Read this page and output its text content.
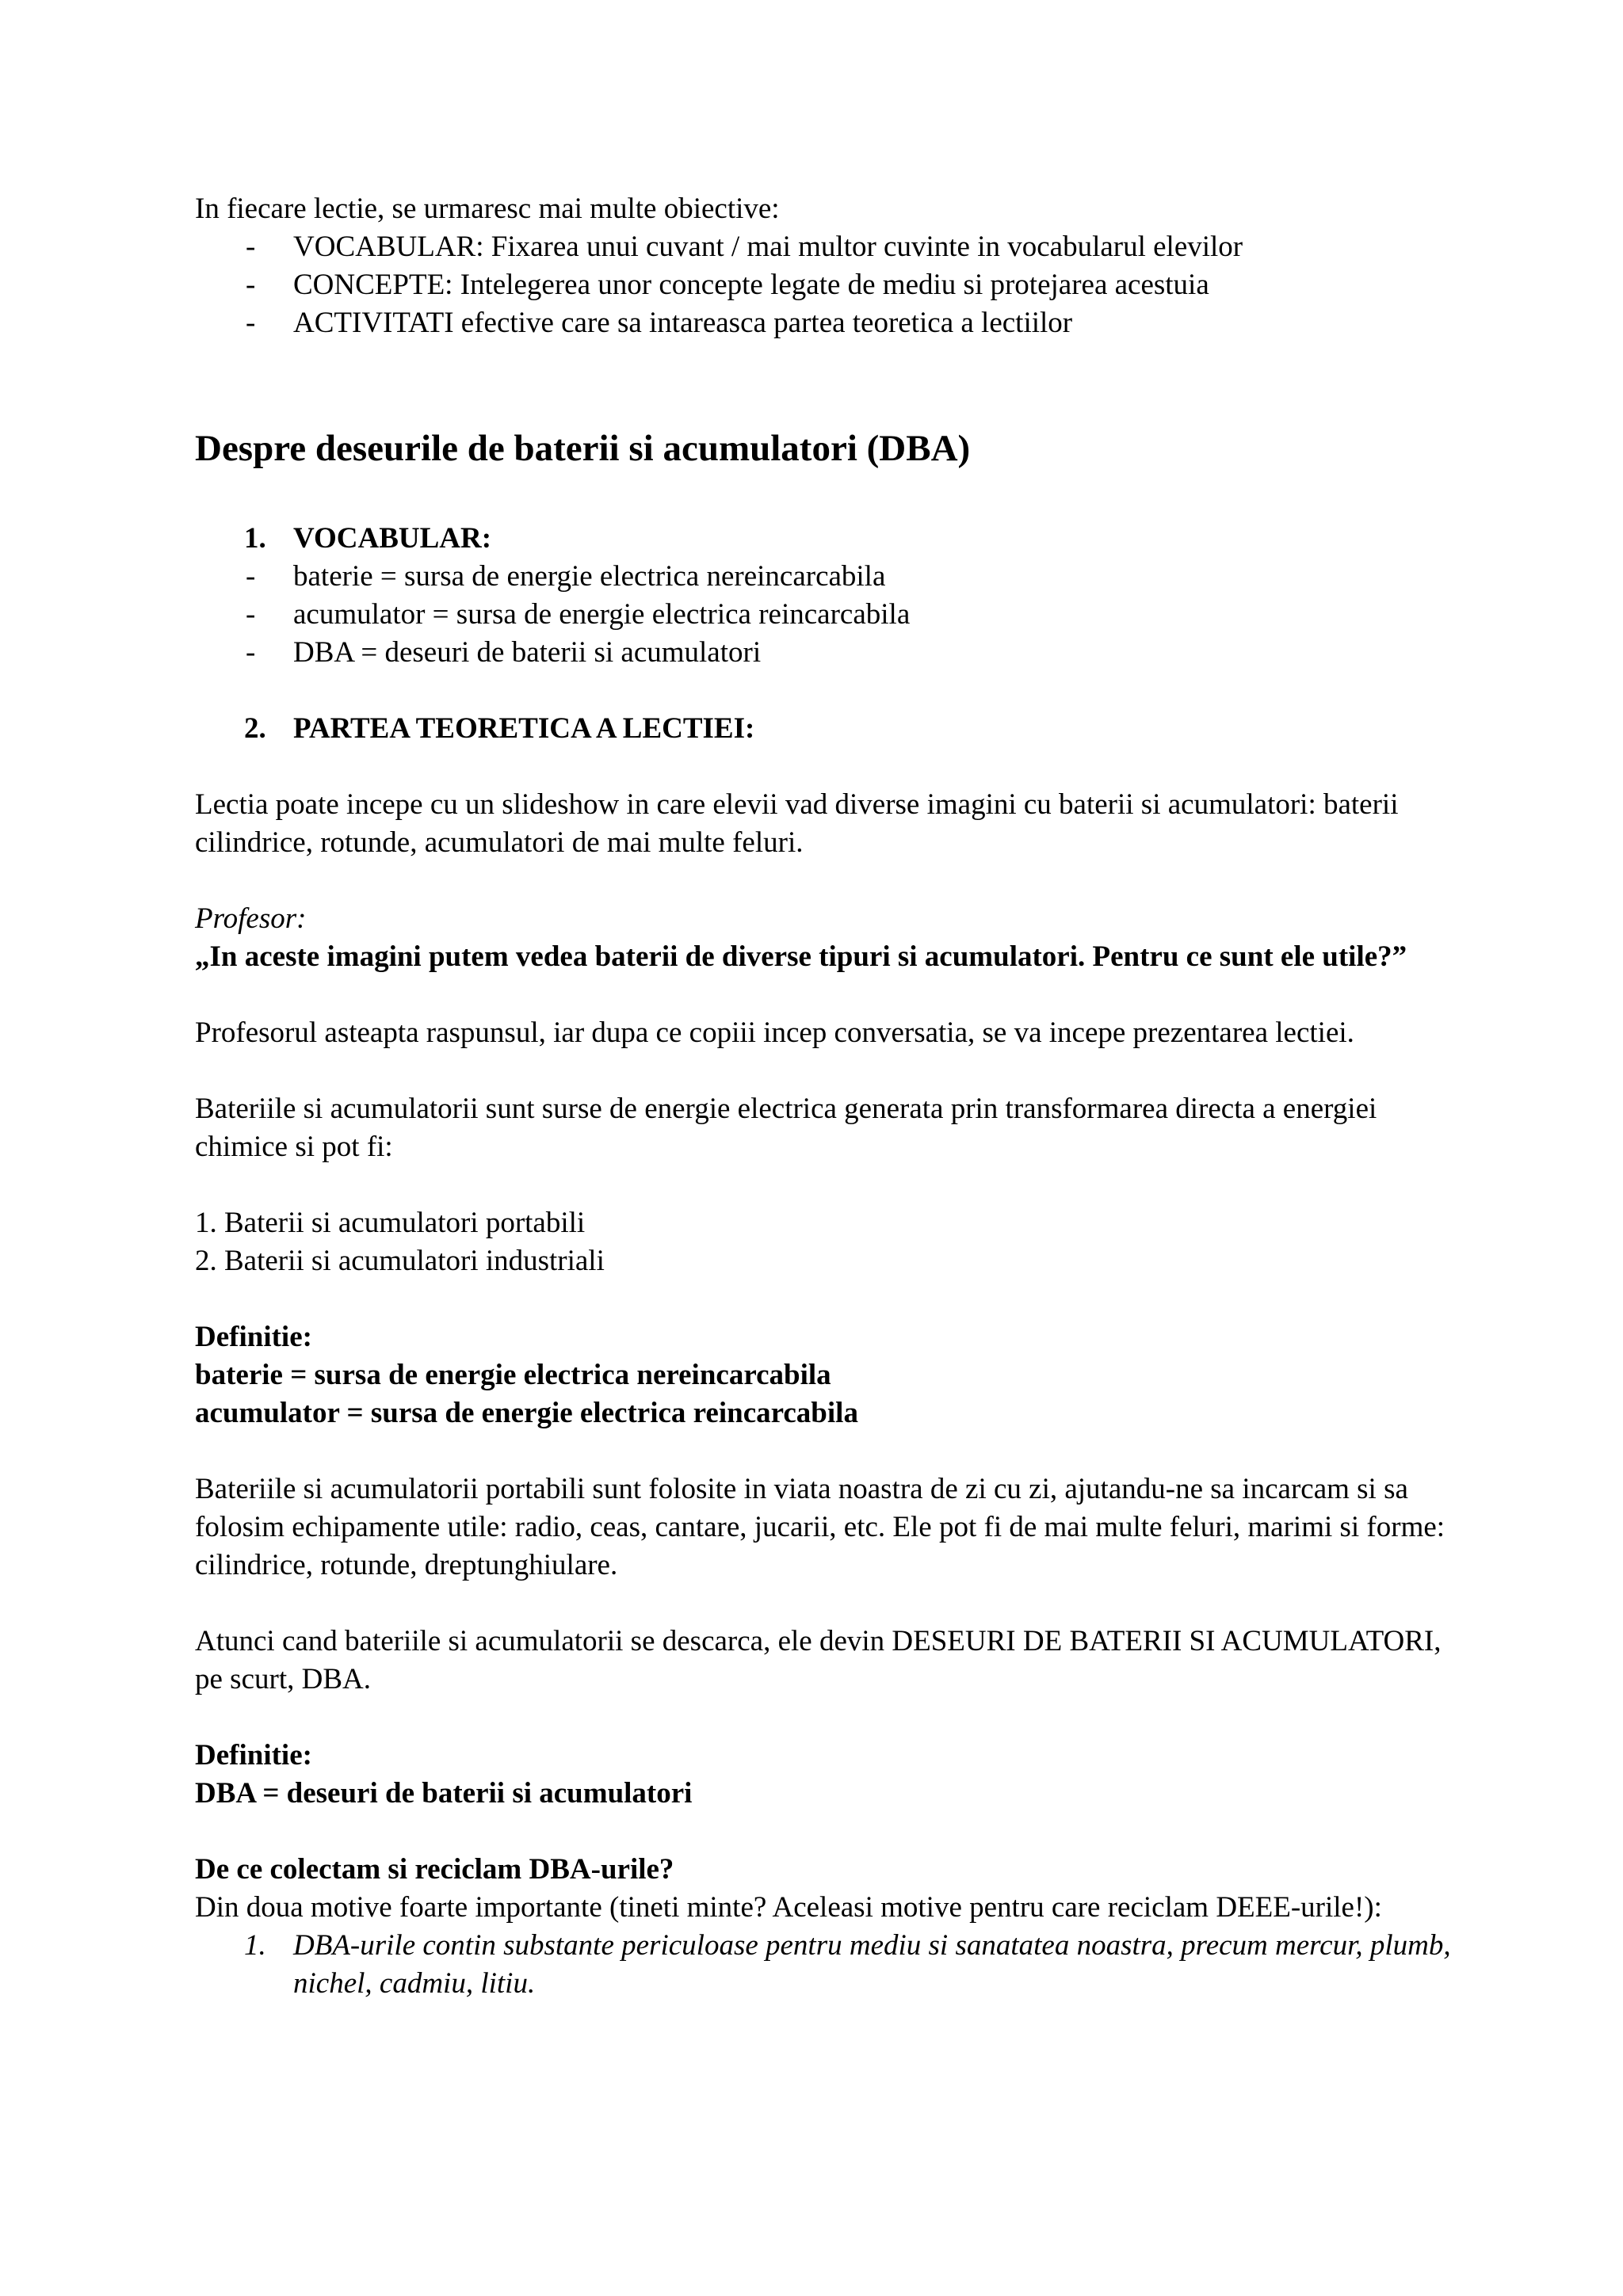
In fiecare lectie, se urmaresc mai multe obiective:

- VOCABULAR: Fixarea unui cuvant / mai multor cuvinte in vocabularul elevilor
- CONCEPTE: Intelegerea unor concepte legate de mediu si protejarea acestuia
- ACTIVITATI efective care sa intareasca partea teoretica a lectiilor

Despre deseurile de baterii si acumulatori (DBA)

1. VOCABULAR:

- baterie = sursa de energie electrica nereincarcabila
- acumulator = sursa de energie electrica reincarcabila
- DBA = deseuri de baterii si acumulatori

2. PARTEA TEORETICA A LECTIEI:

Lectia poate incepe cu un slideshow in care elevii vad diverse imagini cu baterii si acumulatori: baterii cilindrice, rotunde, acumulatori de mai multe feluri.

Profesor:

„In aceste imagini putem vedea baterii de diverse tipuri si acumulatori. Pentru ce sunt ele utile?”

Profesorul asteapta raspunsul, iar dupa ce copiii incep conversatia, se va incepe prezentarea lectiei.

Bateriile si acumulatorii sunt surse de energie electrica generata prin transformarea directa a energiei chimice si pot fi:

1. Baterii si acumulatori portabili

2. Baterii si acumulatori industriali

Definitie:

baterie = sursa de energie electrica nereincarcabila

acumulator = sursa de energie electrica reincarcabila

Bateriile si acumulatorii portabili sunt folosite in viata noastra de zi cu zi, ajutandu-ne sa incarcam si sa folosim echipamente utile: radio, ceas, cantare, jucarii, etc. Ele pot fi de mai multe feluri, marimi si forme: cilindrice, rotunde, dreptunghiulare.

Atunci cand bateriile si acumulatorii se descarca, ele devin DESEURI DE BATERII SI ACUMULATORI, pe scurt, DBA.

Definitie:

DBA = deseuri de baterii si acumulatori

De ce colectam si reciclam DBA-urile?

Din doua motive foarte importante (tineti minte? Aceleasi motive pentru care reciclam DEEE-urile!):

1. DBA-urile contin substante periculoase pentru mediu si sanatatea noastra, precum mercur, plumb, nichel, cadmiu, litiu.
